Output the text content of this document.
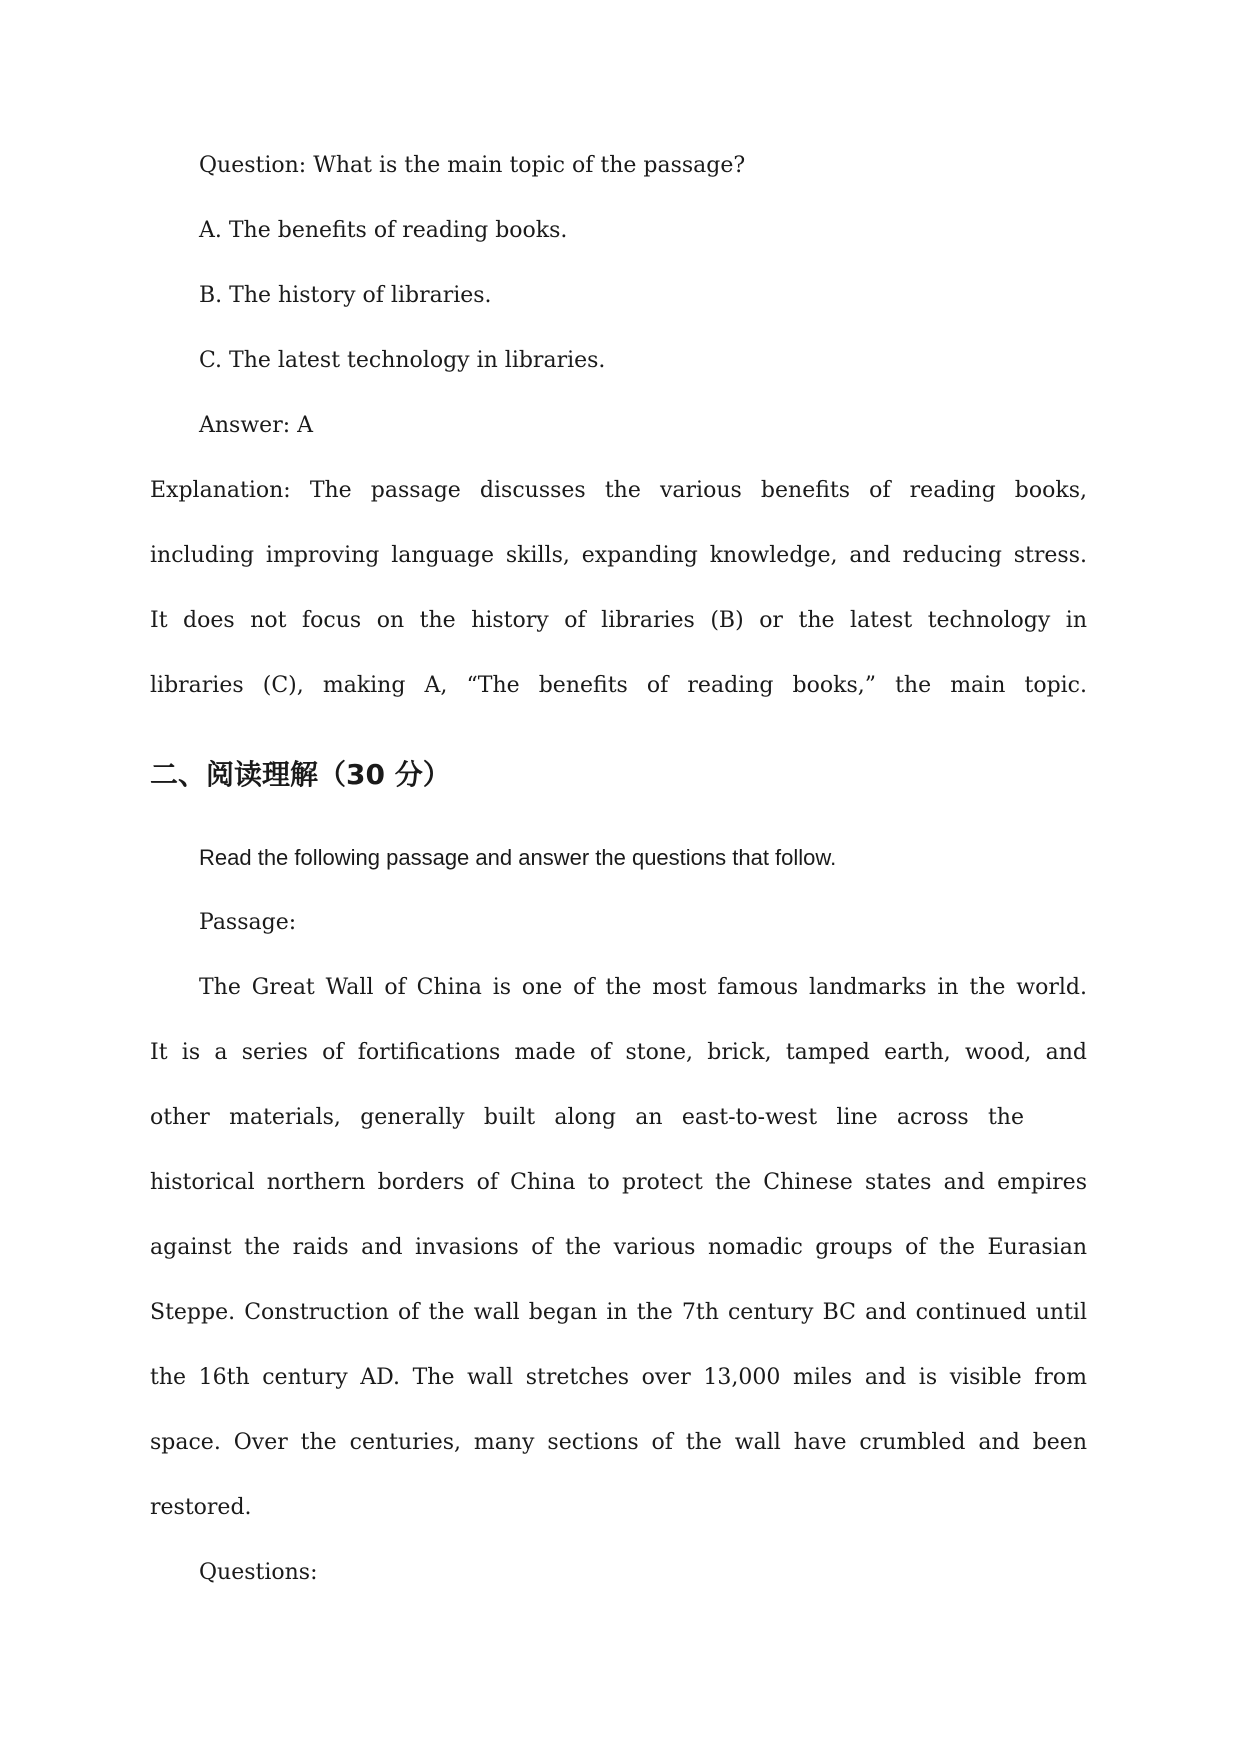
Question: What is the main topic of the passage?
A. The benefits of reading books.
B. The history of libraries.
C. The latest technology in libraries.
Answer: A
Explanation: The passage discusses the various benefits of reading books,
including improving language skills, expanding knowledge, and reducing stress.
It does not focus on the history of libraries (B) or the latest technology in
libraries (C), making A, “The benefits of reading books,” the main topic.
二、阅读理解（30 分）
Read the following passage and answer the questions that follow.
Passage:
The Great Wall of China is one of the most famous landmarks in the world.
It is a series of fortifications made of stone, brick, tamped earth, wood, and
other materials, generally built along an east-to-west line across the
historical northern borders of China to protect the Chinese states and empires
against the raids and invasions of the various nomadic groups of the Eurasian
Steppe. Construction of the wall began in the 7th century BC and continued until
the 16th century AD. The wall stretches over 13,000 miles and is visible from
space. Over the centuries, many sections of the wall have crumbled and been
restored.
Questions:
